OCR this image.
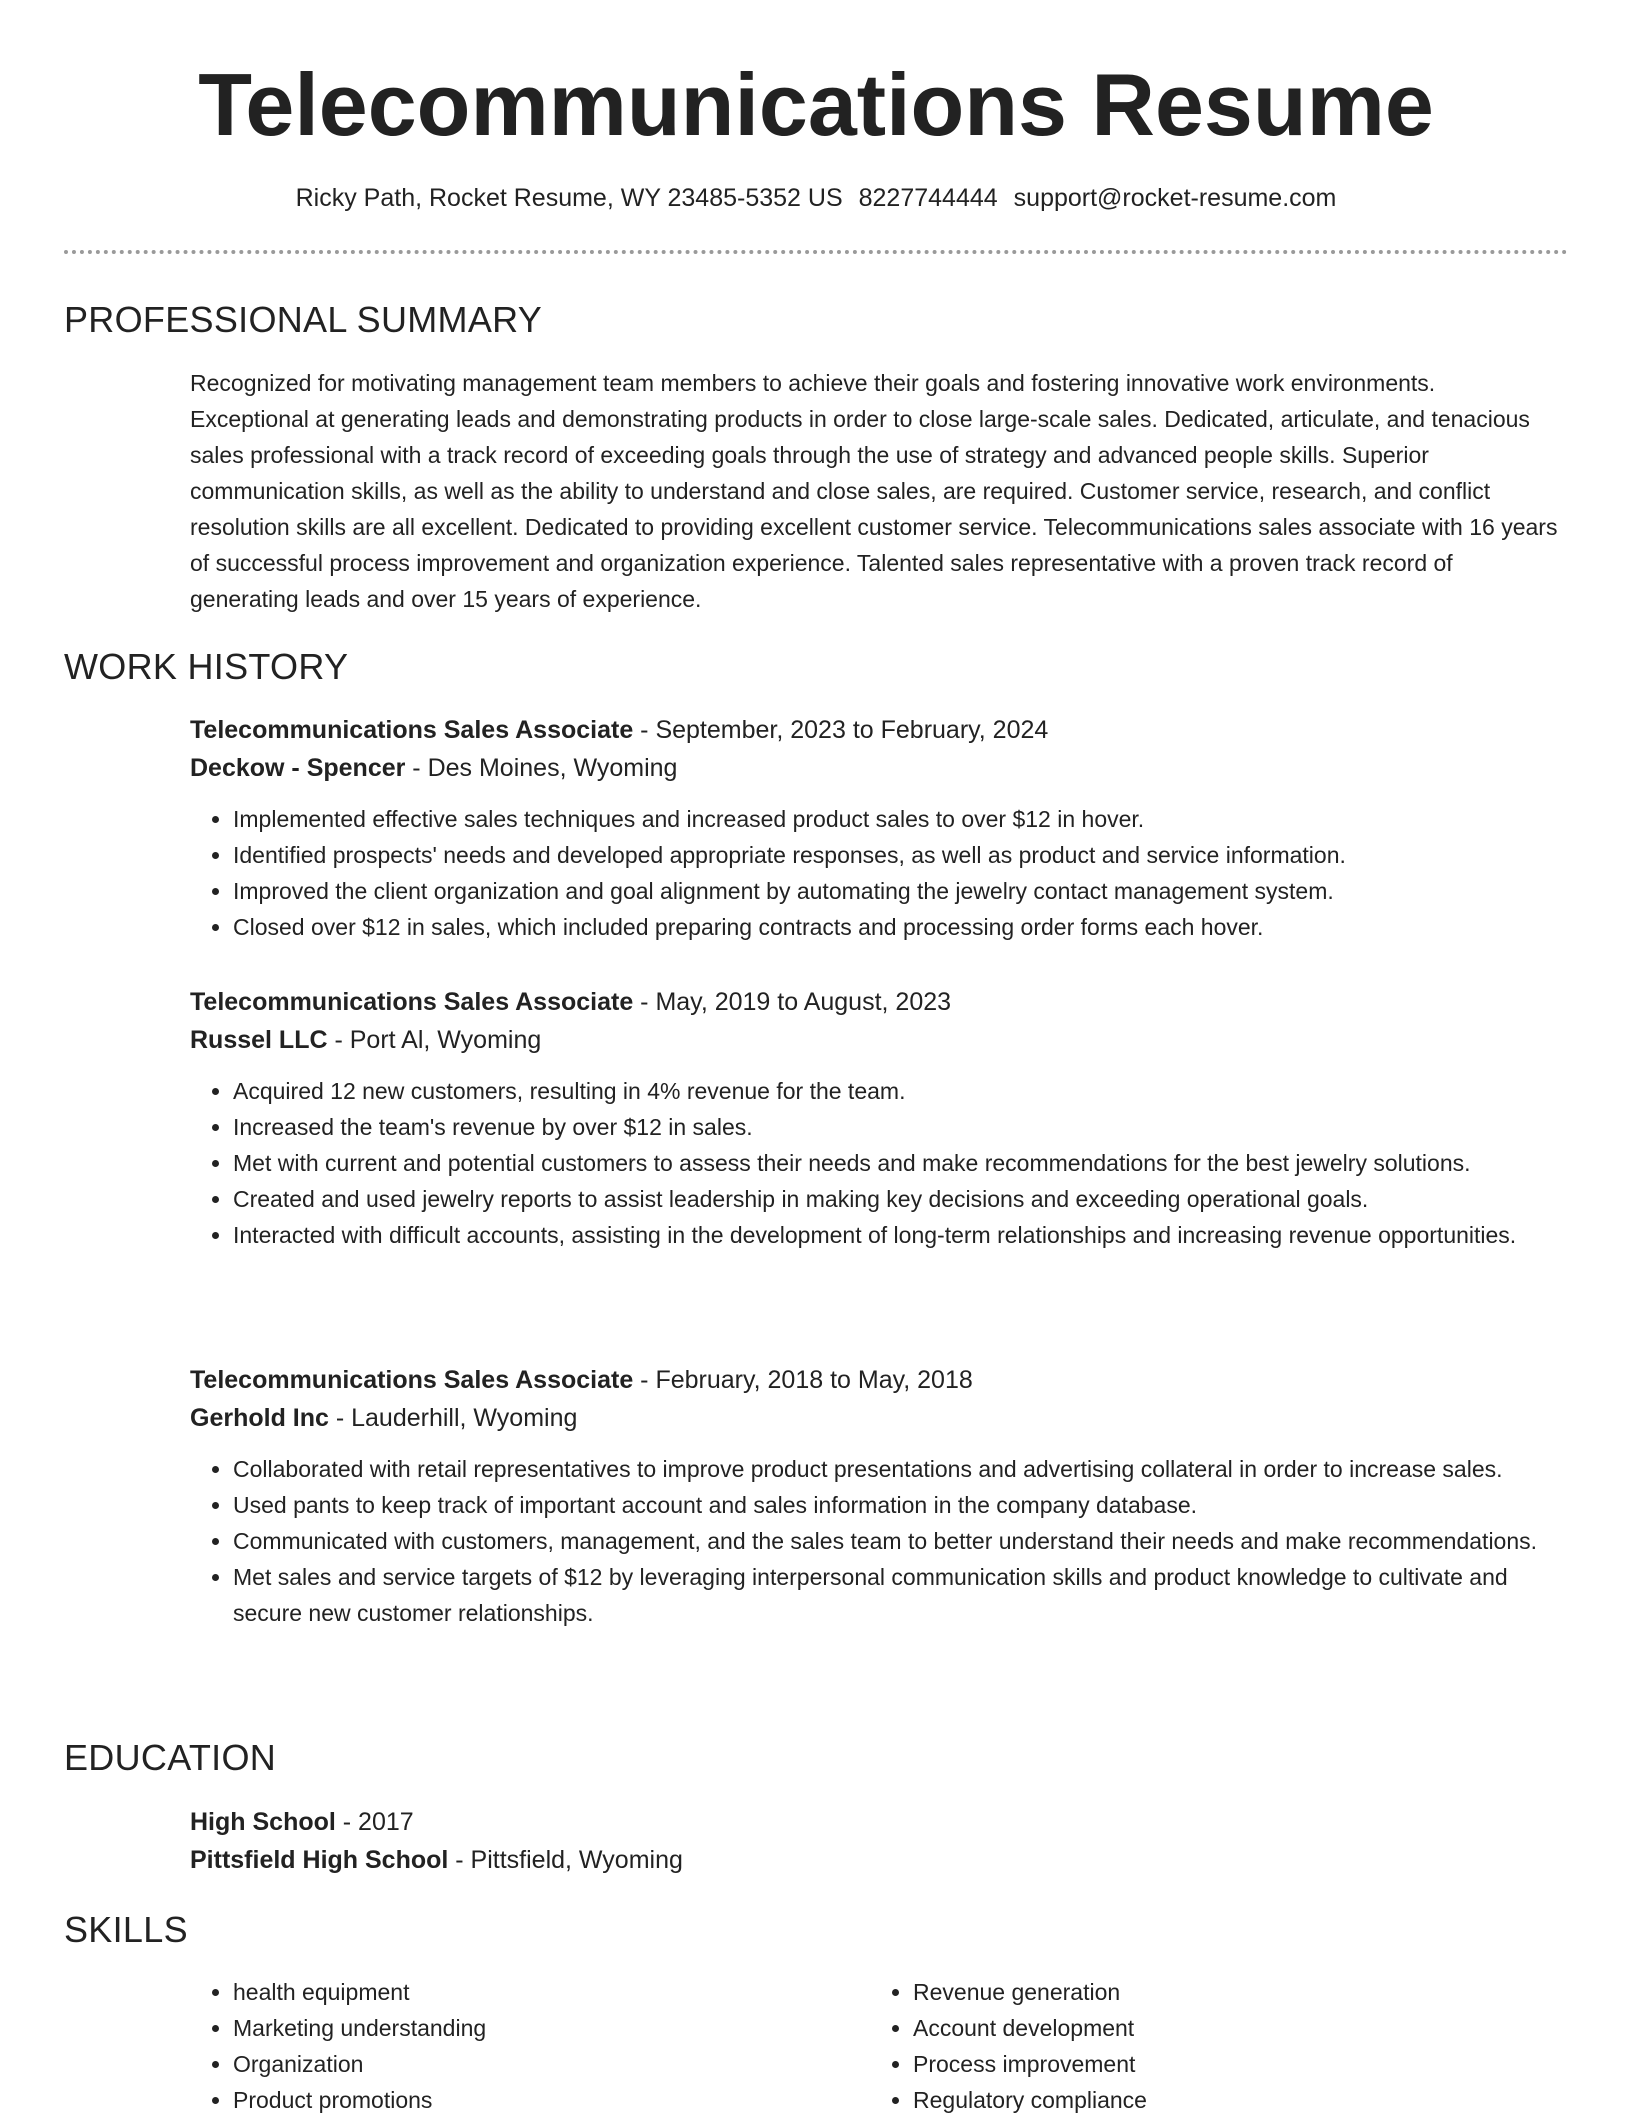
Telecommunications Resume
Ricky Path, Rocket Resume, WY 23485-5352 US 8227744444 support@rocket-resume.com
PROFESSIONAL SUMMARY

Recognized for motivating management team members to achieve their goals and fostering innovative work environments. Exceptional at generating leads and demonstrating products in order to close large-scale sales. Dedicated, articulate, and tenacious sales professional with a track record of exceeding goals through the use of strategy and advanced people skills. Superior communication skills, as well as the ability to understand and close sales, are required. Customer service, research, and conflict resolution skills are all excellent. Dedicated to providing excellent customer service. Telecommunications sales associate with 16 years of successful process improvement and organization experience. Talented sales representative with a proven track record of generating leads and over 15 years of experience.

WORK HISTORY
Telecommunications Sales Associate - September, 2023 to February, 2024
Deckow - Spencer - Des Moines, Wyoming
• Implemented effective sales techniques and increased product sales to over $12 in hover.
• Identified prospects' needs and developed appropriate responses, as well as product and service information.
• Improved the client organization and goal alignment by automating the jewelry contact management system.
• Closed over $12 in sales, which included preparing contracts and processing order forms each hover.
Telecommunications Sales Associate - May, 2019 to August, 2023
Russel LLC - Port Al, Wyoming
• Acquired 12 new customers, resulting in 4% revenue for the team.
• Increased the team's revenue by over $12 in sales.
• Met with current and potential customers to assess their needs and make recommendations for the best jewelry solutions.
• Created and used jewelry reports to assist leadership in making key decisions and exceeding operational goals.
• Interacted with difficult accounts, assisting in the development of long-term relationships and increasing revenue opportunities.
Telecommunications Sales Associate - February, 2018 to May, 2018
Gerhold Inc - Lauderhill, Wyoming
• Collaborated with retail representatives to improve product presentations and advertising collateral in order to increase sales.
• Used pants to keep track of important account and sales information in the company database.
• Communicated with customers, management, and the sales team to better understand their needs and make recommendations.
• Met sales and service targets of $12 by leveraging interpersonal communication skills and product knowledge to cultivate and secure new customer relationships.
EDUCATION
High School - 2017
Pittsfield High School - Pittsfield, Wyoming
SKILLS
• health equipment
• Marketing understanding
• Organization
• Product promotions
• Revenue generation
• Account development
• Process improvement
• Regulatory compliance
